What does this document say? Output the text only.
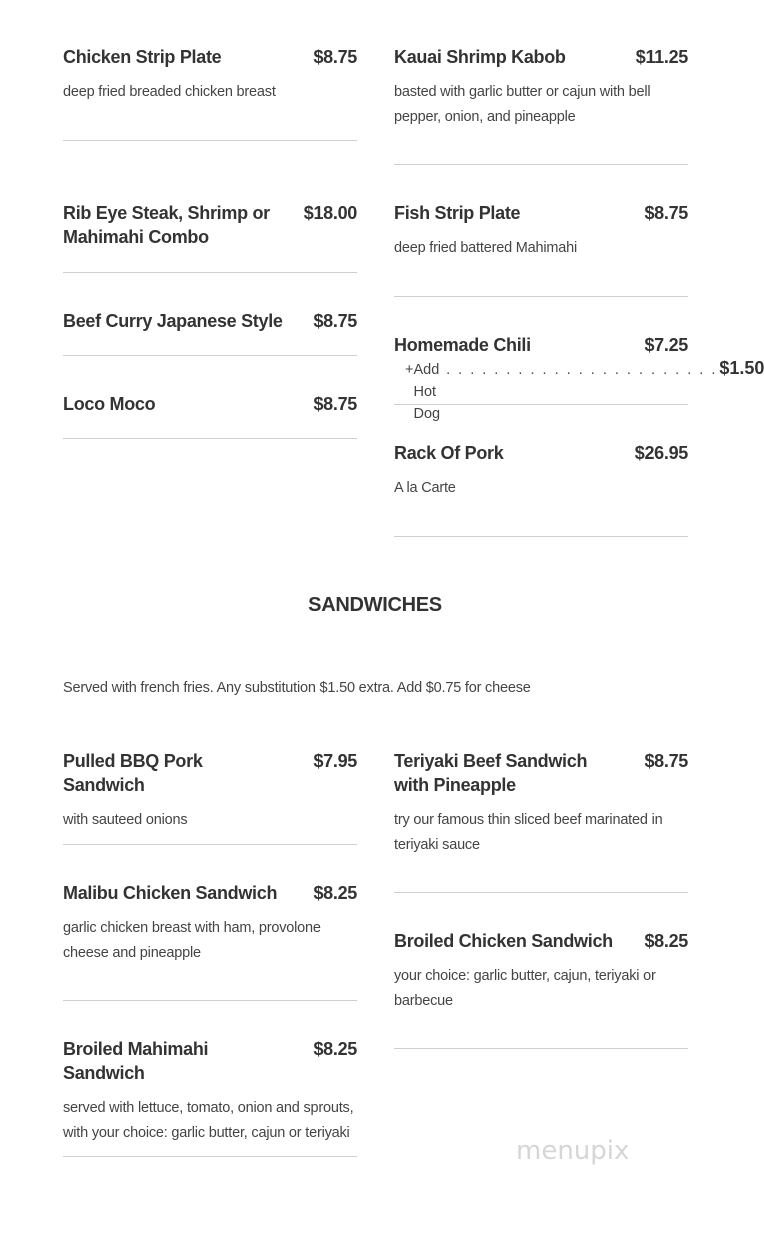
Chicken Strip Plate	$8.75
deep fried breaded chicken breast
Rib Eye Steak, Shrimp or Mahimahi Combo
$18.00
Beef Curry Japanese Style $8.75
Loco Moco	$8.75
Kauai Shrimp Kabob	$11.25
basted with garlic butter or cajun with bell pepper, onion, and pineapple
Fish Strip Plate	$8.75
deep fried battered Mahimahi
Homemade Chili	$7.25
+ Add Hot Dog
. . . . . . . . . . . . . . . . . . . . . . . $1.50
Rack Of Pork	$26.95
A la Carte
SANDWICHES
Served with french fries. Any substitution $1.50 extra. Add $0.75 for cheese
Pulled BBQ Pork Sandwich
$7.95
with sauteed onions
Malibu Chicken Sandwich $8.25
garlic chicken breast with ham, provolone cheese and pineapple
Broiled Mahimahi Sandwich
$8.25
served with lettuce, tomato, onion and sprouts, with your choice: garlic butter, cajun or teriyaki
Teriyaki Beef Sandwich with Pineapple
$8.75
try our famous thin sliced beef marinated in teriyaki sauce
Broiled Chicken Sandwich $8.25
your choice: garlic butter, cajun, teriyaki or barbecue
menupix
